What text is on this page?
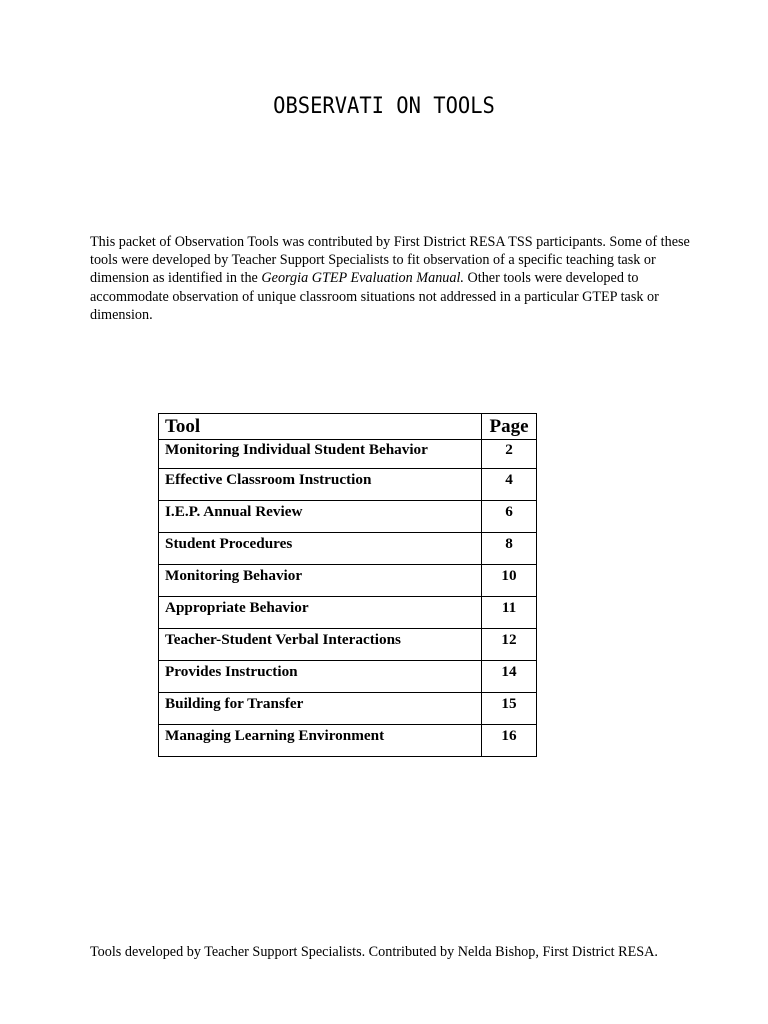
OBSERVATI ON TOOLS

This packet of Observation Tools was contributed by First District RESA TSS participants. Some of these tools were developed by Teacher Support Specialists to fit observation of a specific teaching task or dimension as identified in the Georgia GTEP Evaluation Manual. Other tools were developed to accommodate observation of unique classroom situations not addressed in a particular GTEP task or dimension.

Tool	Page
Monitoring Individual Student Behavior	2
Effective Classroom Instruction	4
I.E.P. Annual Review	6
Student Procedures	8
Monitoring Behavior	10
Appropriate Behavior	11
Teacher-Student Verbal Interactions	12
Provides Instruction	14
Building for Transfer	15
Managing Learning Environment	16
Tools developed by Teacher Support Specialists. Contributed by Nelda Bishop, First District RESA.
